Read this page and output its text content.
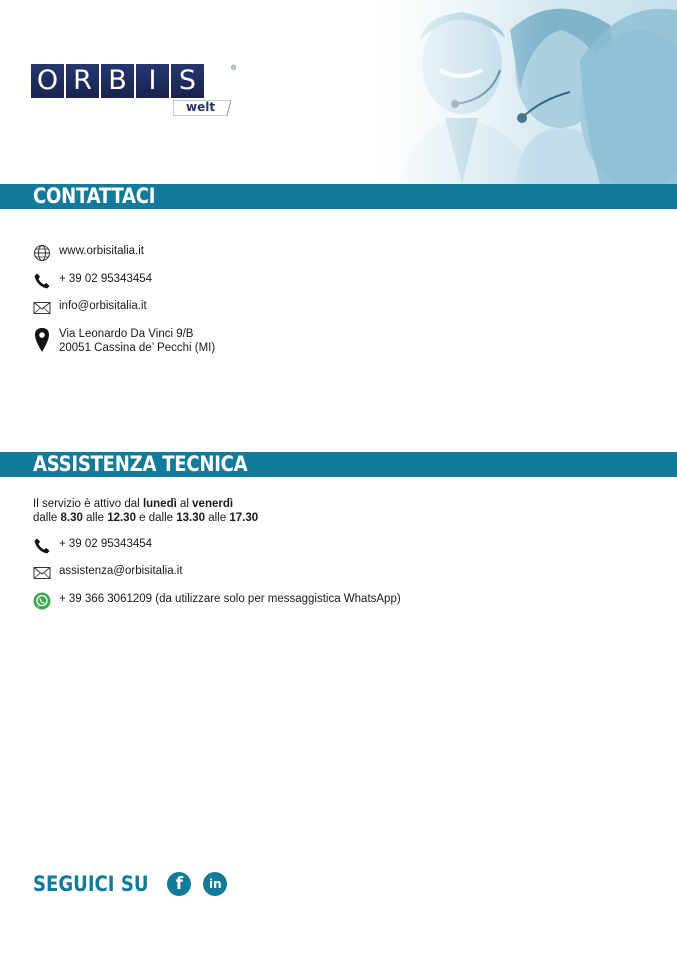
O R B I S	®
welt
CONTATTACI
www.orbisitalia.it
+ 39 02 95343454
info@orbisitalia.it
Via Leonardo Da Vinci 9/B
20051 Cassina de’ Pecchi (MI)
ASSISTENZA TECNICA
Il servizio è attivo dal lunedì al venerdì
dalle 8.30 alle 12.30 e dalle 13.30 alle 17.30
+ 39 02 95343454
assistenza@orbisitalia.it
+ 39 366 3061209 (da utilizzare solo per messaggistica WhatsApp)
SEGUICI SU	f	in
